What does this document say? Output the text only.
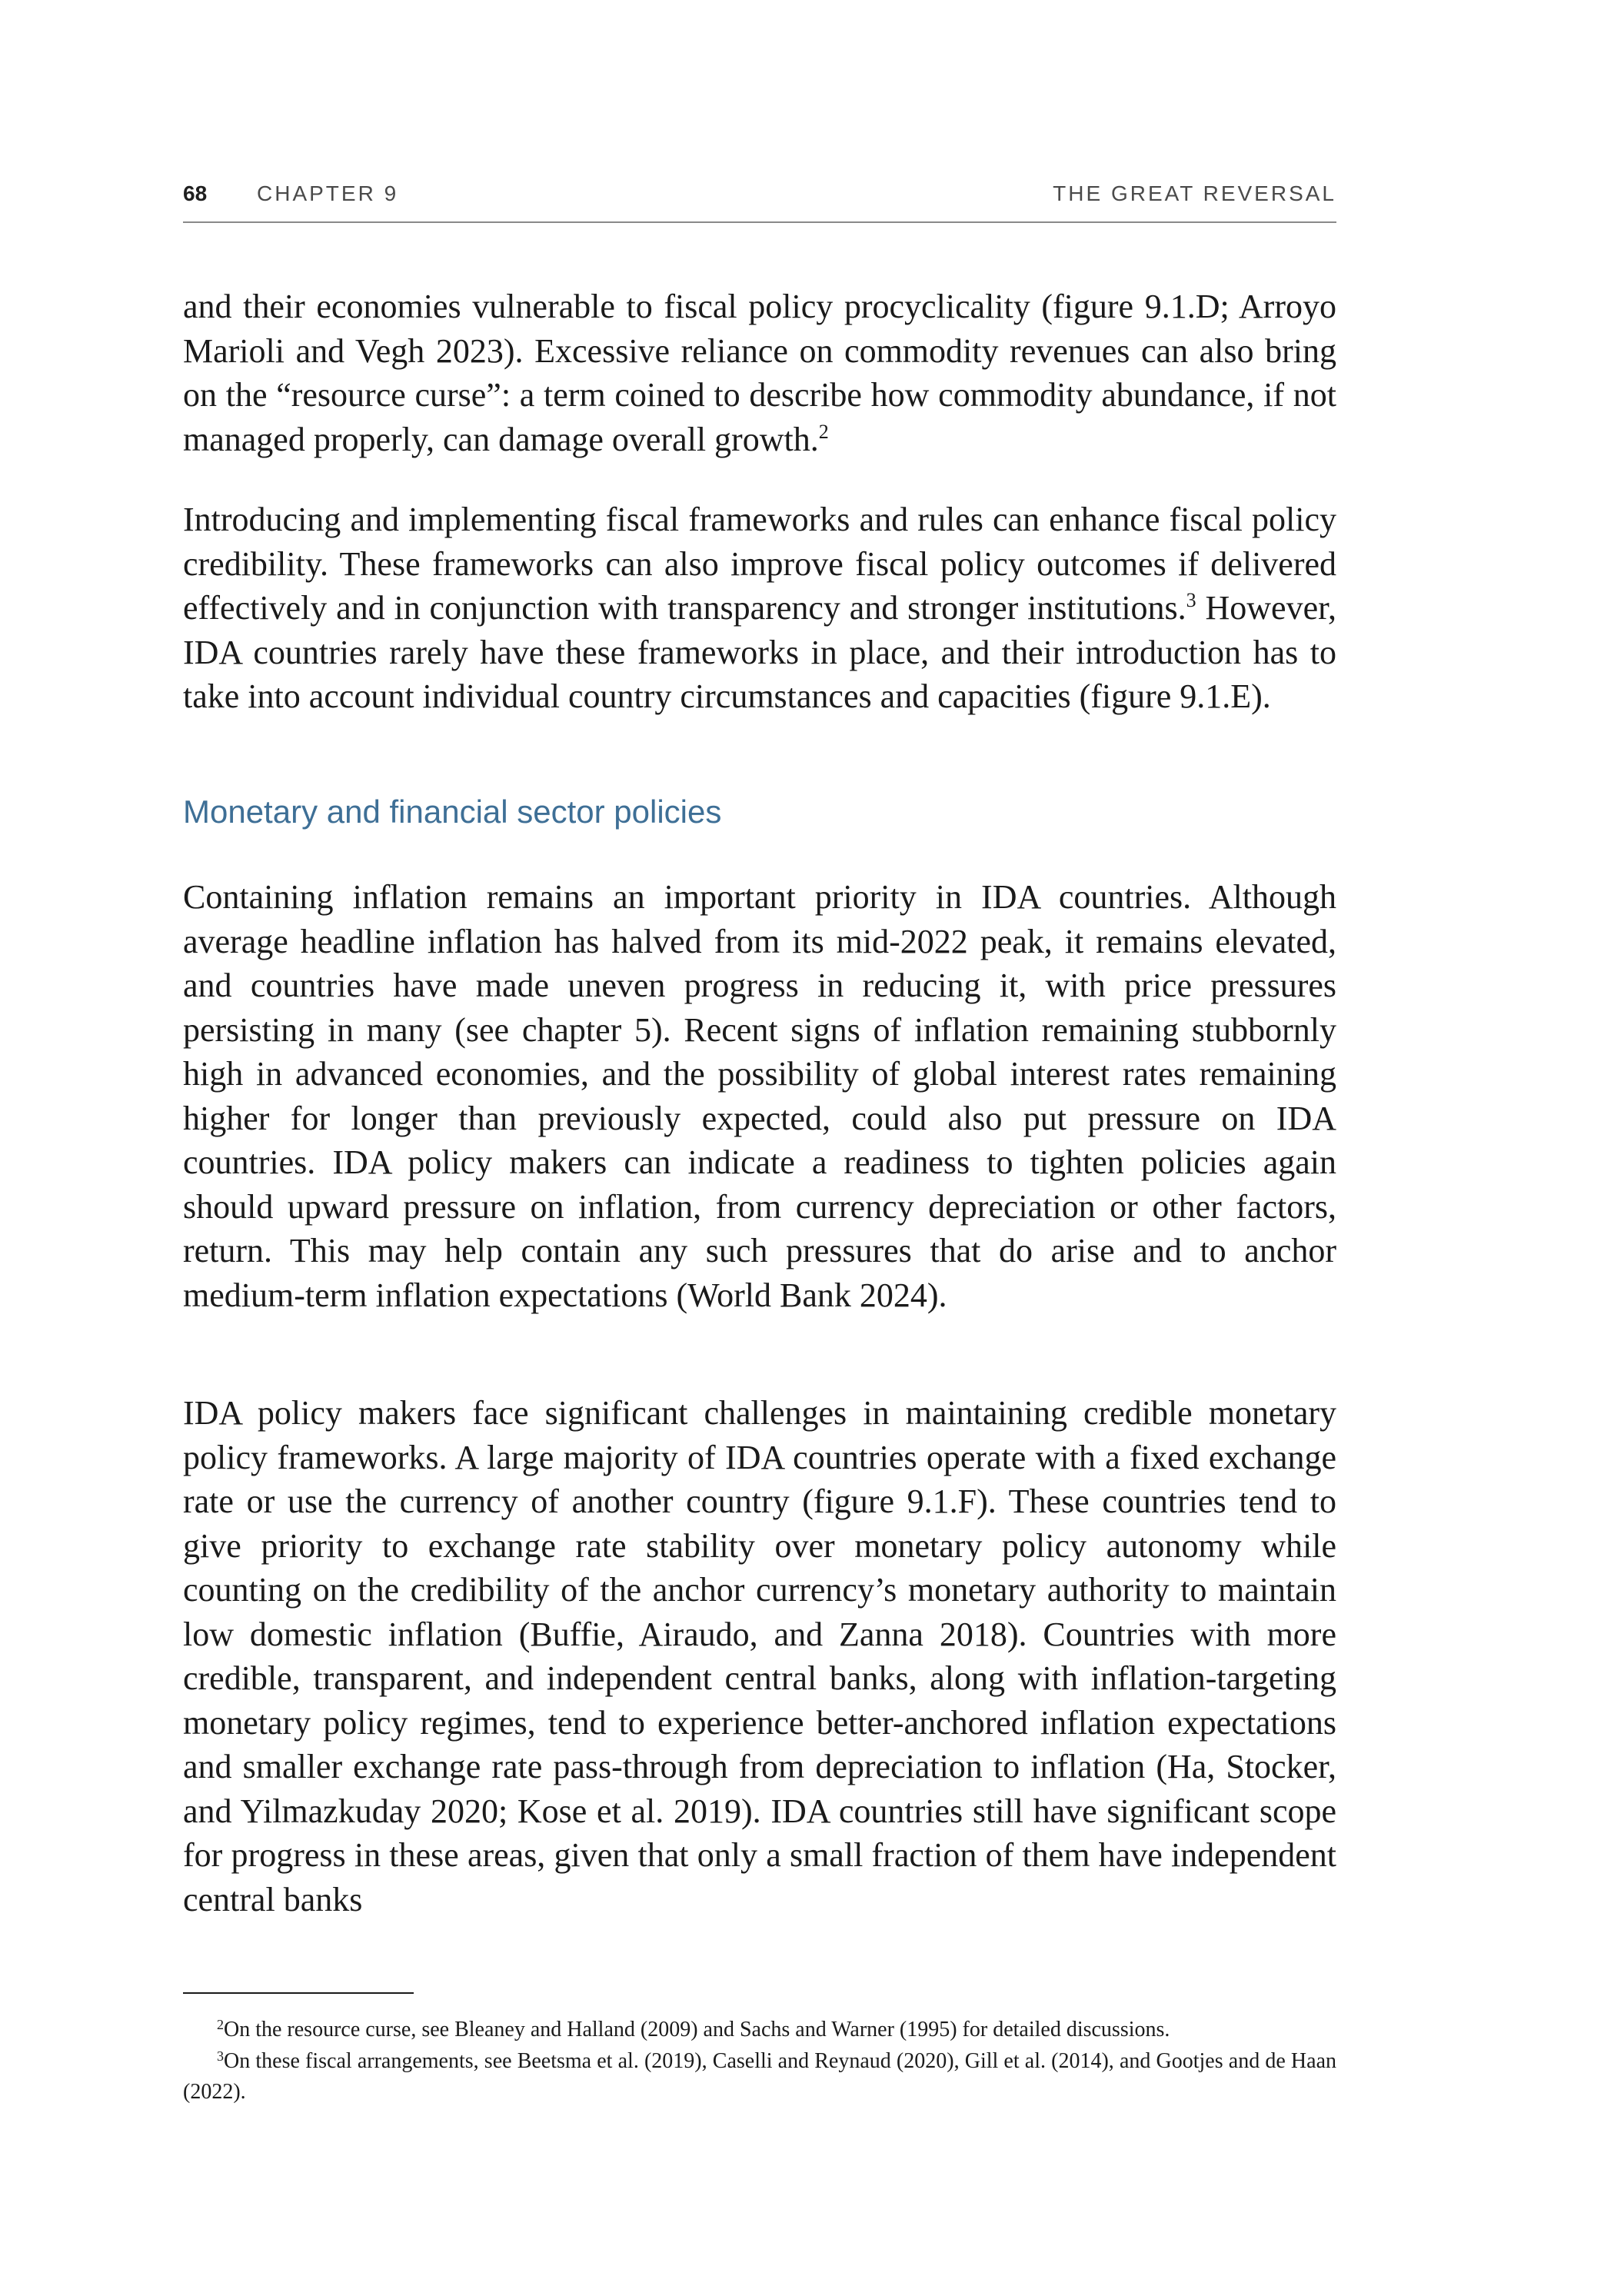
68 CHAPTER 9	THE GREAT REVERSAL

and their economies vulnerable to fiscal policy procyclicality (figure 9.1.D; Arroyo Marioli and Vegh 2023). Excessive reliance on commodity revenues can also bring on the “resource curse”: a term coined to describe how commodity abundance, if not managed properly, can damage overall growth.$^2$

Introducing and implementing fiscal frameworks and rules can enhance fiscal policy credibility. These frameworks can also improve fiscal policy outcomes if delivered effectively and in conjunction with transparency and stronger institutions.$^3$ However, IDA countries rarely have these frameworks in place, and their introduction has to take into account individual country circumstances and capacities (figure 9.1.E).

Monetary and financial sector policies

Containing inflation remains an important priority in IDA countries. Although average headline inflation has halved from its mid-2022 peak, it remains elevated, and countries have made uneven progress in reducing it, with price pressures persisting in many (see chapter 5). Recent signs of inflation remaining stubbornly high in advanced economies, and the possibility of global interest rates remaining higher for longer than previously expected, could also put pressure on IDA countries. IDA policy makers can indicate a readiness to tighten policies again should upward pressure on inflation, from currency depreciation or other factors, return. This may help contain any such pressures that do arise and to anchor medium-term inflation expectations (World Bank 2024).

IDA policy makers face significant challenges in maintaining credible monetary policy frameworks. A large majority of IDA countries operate with a fixed exchange rate or use the currency of another country (figure 9.1.F). These countries tend to give priority to exchange rate stability over monetary policy autonomy while counting on the credibility of the anchor currency’s monetary authority to maintain low domestic inflation (Buffie, Airaudo, and Zanna 2018). Countries with more credible, transparent, and independent central banks, along with inflation-targeting monetary policy regimes, tend to experience better-anchored inflation expectations and smaller exchange rate pass-through from depreciation to inflation (Ha, Stocker, and Yilmazkuday 2020; Kose et al. 2019). IDA countries still have significant scope for progress in these areas, given that only a small fraction of them have independent central banks

$^2$On the resource curse, see Bleaney and Halland (2009) and Sachs and Warner (1995) for detailed discussions.

$^3$On these fiscal arrangements, see Beetsma et al. (2019), Caselli and Reynaud (2020), Gill et al. (2014), and Gootjes and de Haan (2022).
